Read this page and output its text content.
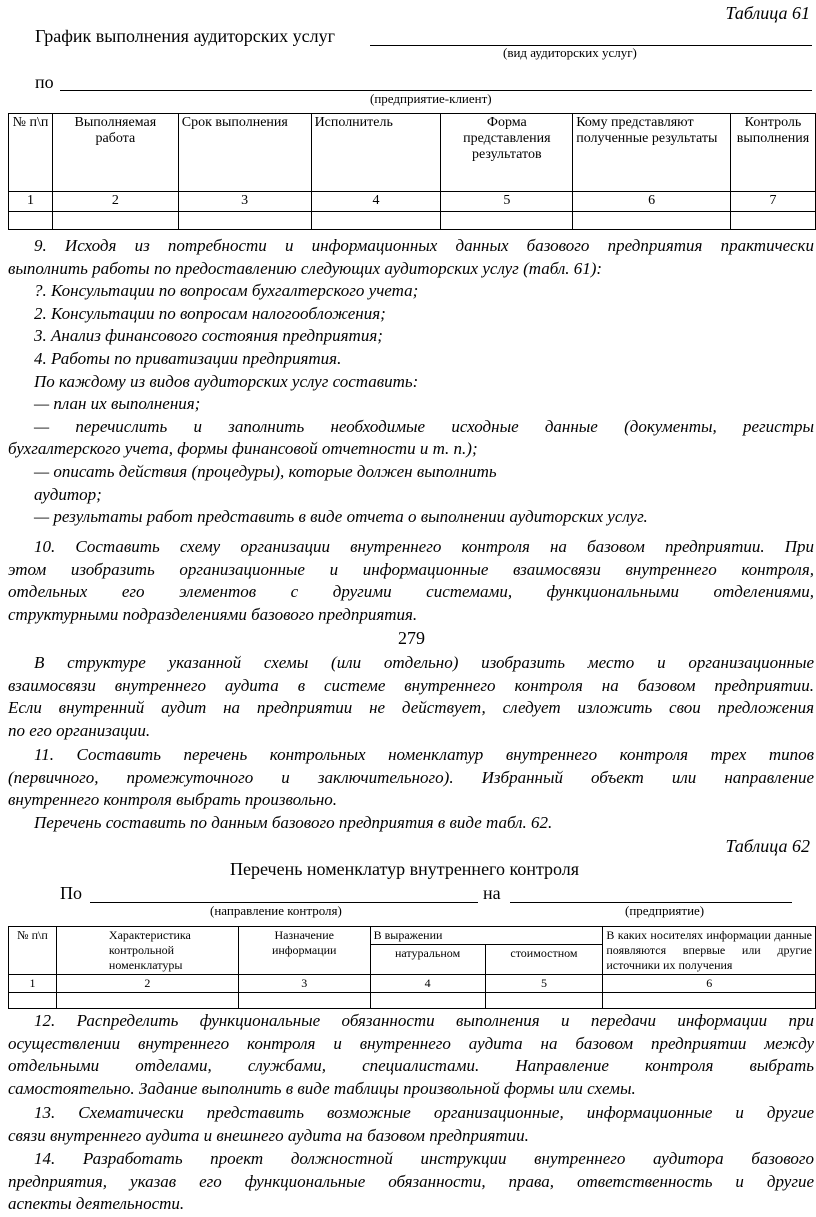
Таблица 61
График выполнения аудиторских услуг
(вид аудиторских услуг)
по
(предприятие-клиент)
№ п\п	Выполняемая работа	Срок выполнения	Исполнитель	Форма представления результатов	Кому представляют полученные результаты	Контроль выполнения
1	2	3	4	5	6	7

9. Исходя из потребности и информационных данных базового предприятия практически
выполнить работы по предоставлению следующих аудиторских услуг (табл. 61):
?. Консультации по вопросам бухгалтерского учета;
2. Консультации по вопросам налогообложения;
3. Анализ финансового состояния предприятия;
4. Работы по приватизации предприятия.
По каждому из видов аудиторских услуг составить:
— план их выполнения;
— перечислить и заполнить необходимые исходные данные (документы, регистры
бухгалтерского учета, формы финансовой отчетности и т. п.);
— описать действия (процедуры), которые должен выполнить
аудитор;
— результаты работ представить в виде отчета о выполнении аудиторских услуг.
10. Составить схему организации внутреннего контроля на базовом предприятии. При
этом изобразить организационные и информационные взаимосвязи внутреннего контроля,
отдельных его элементов с другими системами, функциональными отделениями,
структурными подразделениями базового предприятия.
279
В структуре указанной схемы (или отдельно) изобразить место и организационные
взаимосвязи внутреннего аудита в системе внутреннего контроля на базовом предприятии.
Если внутренний аудит на предприятии не действует, следует изложить свои предложения
по его организации.
11. Составить перечень контрольных номенклатур внутреннего контроля трех типов
(первичного, промежуточного и заключительного). Избранный объект или направление
внутреннего контроля выбрать произвольно.
Перечень составить по данным базового предприятия в виде табл. 62.
Таблица 62
Перечень номенклатур внутреннего контроля
По	на
(направление контроля)	(предприятие)
№ п\п	Характеристика контрольной номенклатуры	Назначение информации	В выражении		В каких носителях информации данные появляются впервые или другие источники их получения
			натуральном	стоимостном	
1	2	3	4	5	6

12. Распределить функциональные обязанности выполнения и передачи информации при
осуществлении внутреннего контроля и внутреннего аудита на базовом предприятии между
отдельными отделами, службами, специалистами. Направление контроля выбрать
самостоятельно. Задание выполнить в виде таблицы произвольной формы или схемы.
13. Схематически представить возможные организационные, информационные и другие
связи внутреннего аудита и внешнего аудита на базовом предприятии.
14. Разработать проект должностной инструкции внутреннего аудитора базового
предприятия, указав его функциональные обязанности, права, ответственность и другие
аспекты деятельности.
